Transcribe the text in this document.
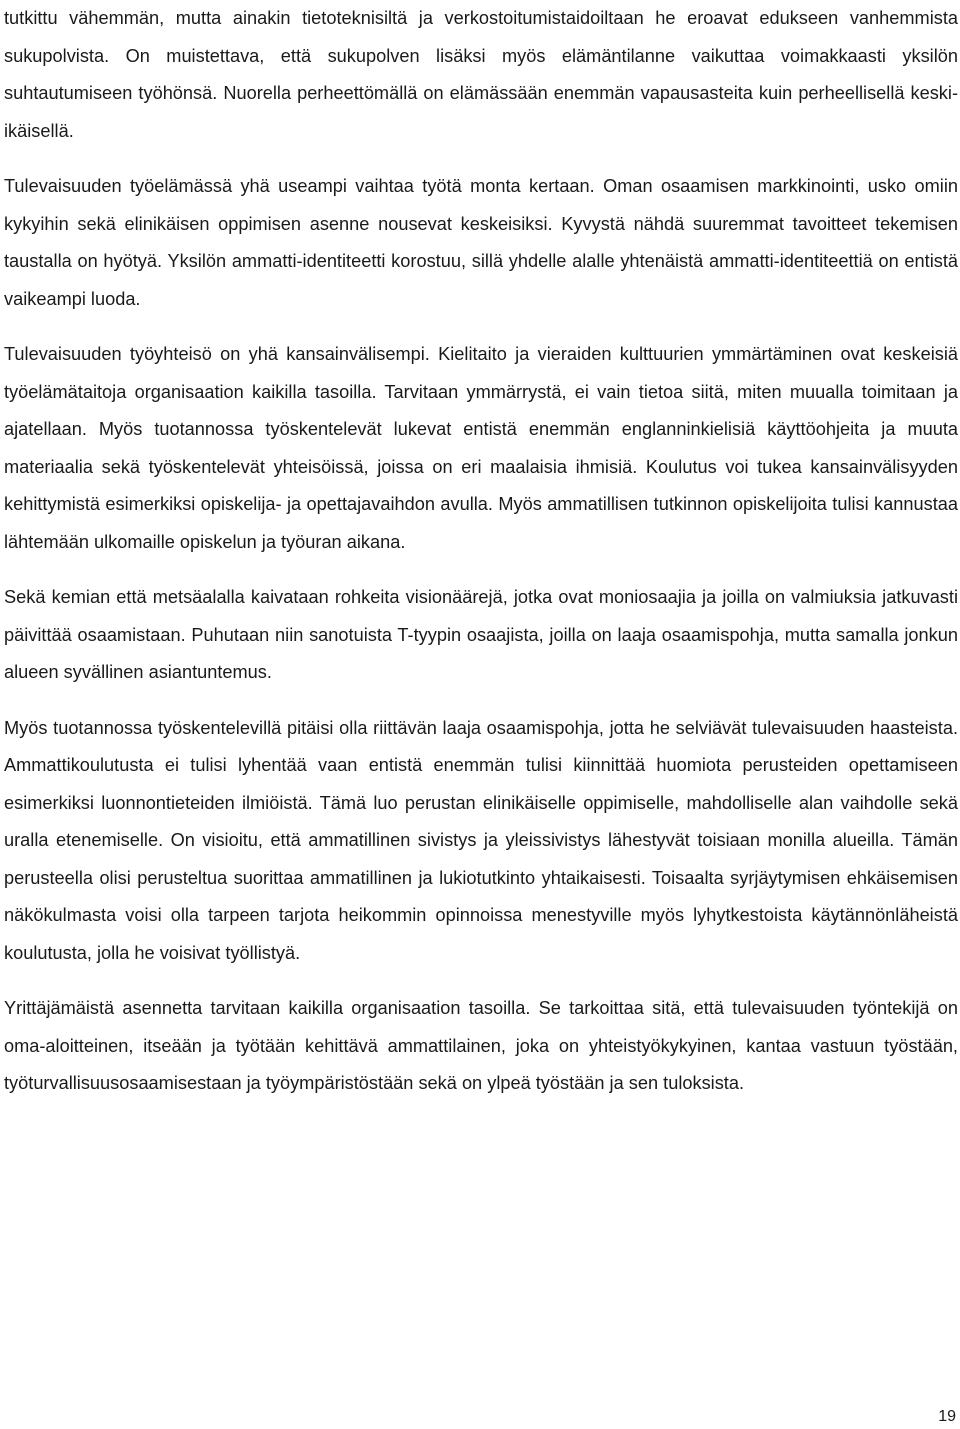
tutkittu vähemmän, mutta ainakin tietoteknisiltä ja verkostoitumistaidoiltaan he eroavat edukseen vanhemmista sukupolvista. On muistettava, että sukupolven lisäksi myös elämäntilanne vaikuttaa voimakkaasti yksilön suhtautumiseen työhönsä. Nuorella perheettömällä on elämässään enemmän vapausasteita kuin perheellisellä keski-ikäisellä.

Tulevaisuuden työelämässä yhä useampi vaihtaa työtä monta kertaan. Oman osaamisen markkinointi, usko omiin kykyihin sekä elinikäisen oppimisen asenne nousevat keskeisiksi. Kyvystä nähdä suuremmat tavoitteet tekemisen taustalla on hyötyä. Yksilön ammatti-identiteetti korostuu, sillä yhdelle alalle yhtenäistä ammatti-identiteettiä on entistä vaikeampi luoda.

Tulevaisuuden työyhteisö on yhä kansainvälisempi. Kielitaito ja vieraiden kulttuurien ymmärtäminen ovat keskeisiä työelämätaitoja organisaation kaikilla tasoilla. Tarvitaan ymmärrystä, ei vain tietoa siitä, miten muualla toimitaan ja ajatellaan. Myös tuotannossa työskentelevät lukevat entistä enemmän englanninkielisiä käyttöohjeita ja muuta materiaalia sekä työskentelevät yhteisöissä, joissa on eri maalaisia ihmisiä. Koulutus voi tukea kansainvälisyyden kehittymistä esimerkiksi opiskelija- ja opettajavaihdon avulla. Myös ammatillisen tutkinnon opiskelijoita tulisi kannustaa lähtemään ulkomaille opiskelun ja työuran aikana.

Sekä kemian että metsäalalla kaivataan rohkeita visionäärejä, jotka ovat moniosaajia ja joilla on valmiuksia jatkuvasti päivittää osaamistaan. Puhutaan niin sanotuista T-tyypin osaajista, joilla on laaja osaamispohja, mutta samalla jonkun alueen syvällinen asiantuntemus.

Myös tuotannossa työskentelevillä pitäisi olla riittävän laaja osaamispohja, jotta he selviävät tulevaisuuden haasteista. Ammattikoulutusta ei tulisi lyhentää vaan entistä enemmän tulisi kiinnittää huomiota perusteiden opettamiseen esimerkiksi luonnontieteiden ilmiöistä. Tämä luo perustan elinikäiselle oppimiselle, mahdolliselle alan vaihdolle sekä uralla etenemiselle. On visioitu, että ammatillinen sivistys ja yleissivistys lähestyvät toisiaan monilla alueilla. Tämän perusteella olisi perusteltua suorittaa ammatillinen ja lukiotutkinto yhtaikaisesti. Toisaalta syrjäytymisen ehkäisemisen näkökulmasta voisi olla tarpeen tarjota heikommin opinnoissa menestyville myös lyhytkestoista käytännönläheistä koulutusta, jolla he voisivat työllistyä.

Yrittäjämäistä asennetta tarvitaan kaikilla organisaation tasoilla. Se tarkoittaa sitä, että tulevaisuuden työntekijä on oma-aloitteinen, itseään ja työtään kehittävä ammattilainen, joka on yhteistyökykyinen, kantaa vastuun työstään, työturvallisuusosaamisestaan ja työympäristöstään sekä on ylpeä työstään ja sen tuloksista.

19
